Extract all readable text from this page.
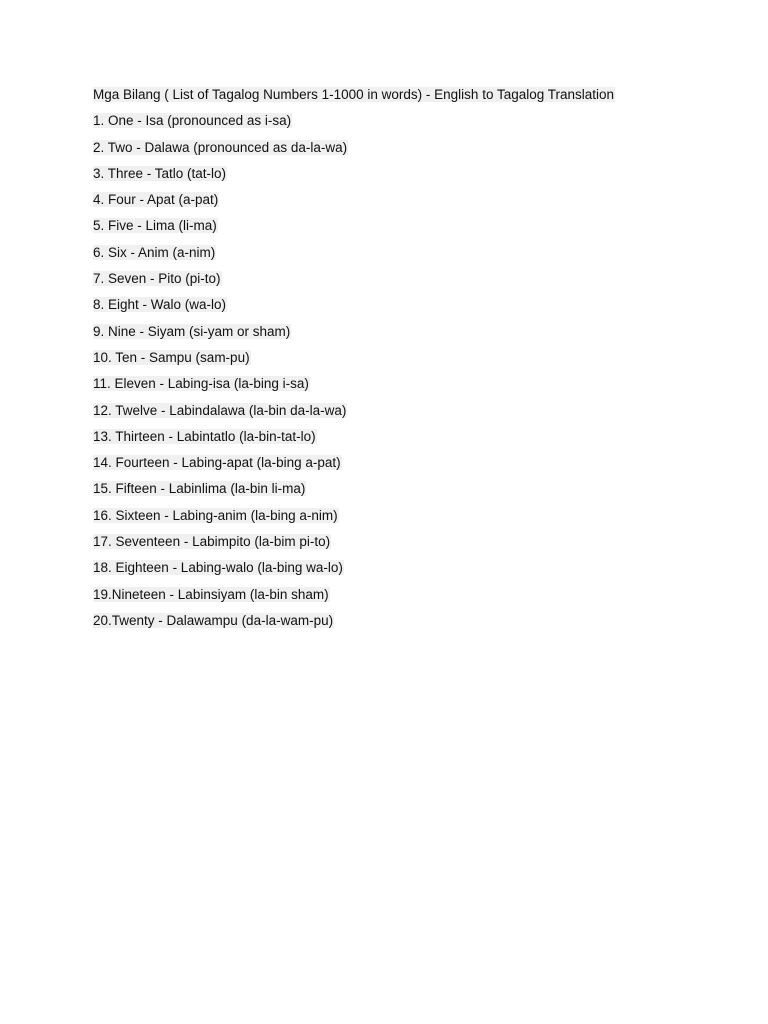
Mga Bilang ( List of Tagalog Numbers 1-1000 in words) - English to Tagalog Translation
1. One - Isa (pronounced as i-sa)
2. Two - Dalawa (pronounced as da-la-wa)
3. Three - Tatlo (tat-lo)
4. Four - Apat (a-pat)
5. Five - Lima (li-ma)
6. Six - Anim (a-nim)
7. Seven - Pito (pi-to)
8. Eight - Walo (wa-lo)
9. Nine - Siyam (si-yam or sham)
10. Ten - Sampu (sam-pu)
11. Eleven - Labing-isa (la-bing i-sa)
12. Twelve - Labindalawa (la-bin da-la-wa)
13. Thirteen - Labintatlo (la-bin-tat-lo)
14. Fourteen - Labing-apat (la-bing a-pat)
15. Fifteen - Labinlima (la-bin li-ma)
16. Sixteen - Labing-anim (la-bing a-nim)
17. Seventeen - Labimpito (la-bim pi-to)
18. Eighteen - Labing-walo (la-bing wa-lo)
19.Nineteen - Labinsiyam (la-bin sham)
20.Twenty - Dalawampu (da-la-wam-pu)
